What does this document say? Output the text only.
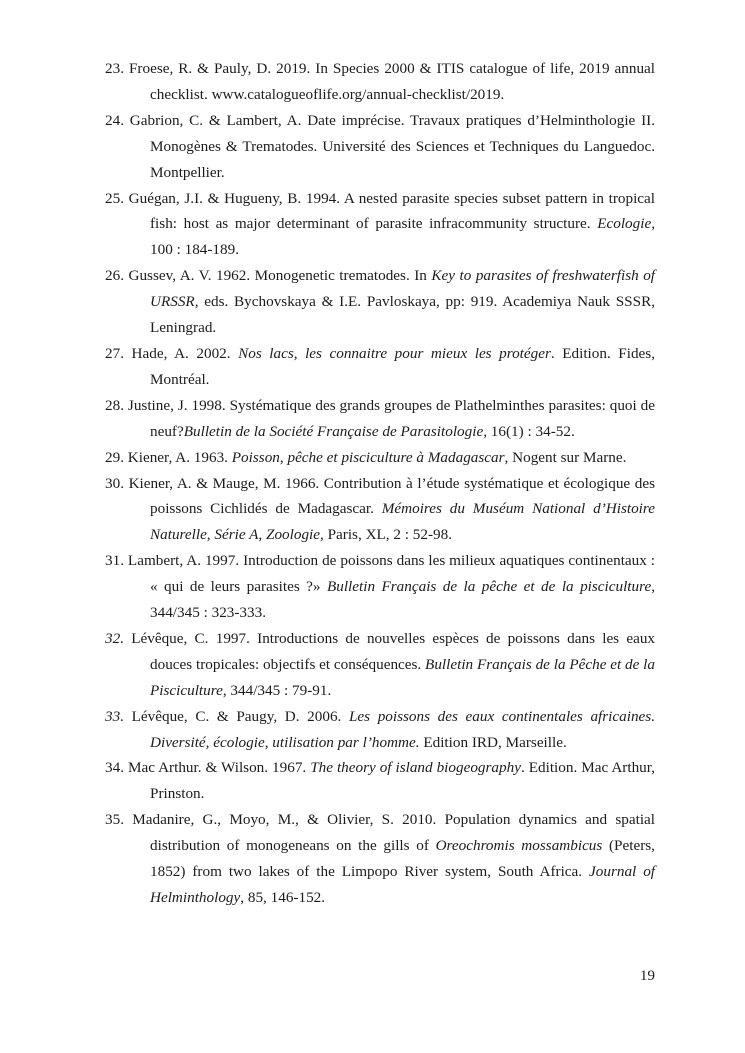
23. Froese, R. & Pauly, D. 2019. In Species 2000 & ITIS catalogue of life, 2019 annual checklist. www.catalogueoflife.org/annual-checklist/2019.
24. Gabrion, C. & Lambert, A. Date imprécise. Travaux pratiques d’Helminthologie II. Monogènes & Trematodes. Université des Sciences et Techniques du Languedoc. Montpellier.
25. Guégan, J.I. & Hugueny, B. 1994. A nested parasite species subset pattern in tropical fish: host as major determinant of parasite infracommunity structure. Ecologie, 100 : 184-189.
26. Gussev, A. V. 1962. Monogenetic trematodes. In Key to parasites of freshwaterfish of URSSR, eds. Bychovskaya & I.E. Pavloskaya, pp: 919. Academiya Nauk SSSR, Leningrad.
27. Hade, A. 2002. Nos lacs, les connaitre pour mieux les protéger. Edition. Fides, Montréal.
28. Justine, J. 1998. Systématique des grands groupes de Plathelminthes parasites: quoi de neuf?Bulletin de la Société Française de Parasitologie, 16(1) : 34-52.
29. Kiener, A. 1963. Poisson, pêche et pisciculture à Madagascar, Nogent sur Marne.
30. Kiener, A. & Mauge, M. 1966. Contribution à l’étude systématique et écologique des poissons Cichlidés de Madagascar. Mémoires du Muséum National d’Histoire Naturelle, Série A, Zoologie, Paris, XL, 2 : 52-98.
31. Lambert, A. 1997. Introduction de poissons dans les milieux aquatiques continentaux : « qui de leurs parasites ?» Bulletin Français de la pêche et de la pisciculture, 344/345 : 323-333.
32. Lévêque, C. 1997. Introductions de nouvelles espèces de poissons dans les eaux douces tropicales: objectifs et conséquences. Bulletin Français de la Pêche et de la Pisciculture, 344/345 : 79-91.
33. Lévêque, C. & Paugy, D. 2006. Les poissons des eaux continentales africaines. Diversité, écologie, utilisation par l’homme. Edition IRD, Marseille.
34. Mac Arthur. & Wilson. 1967. The theory of island biogeography. Edition. Mac Arthur, Prinston.
35. Madanire, G., Moyo, M., & Olivier, S. 2010. Population dynamics and spatial distribution of monogeneans on the gills of Oreochromis mossambicus (Peters, 1852) from two lakes of the Limpopo River system, South Africa. Journal of Helminthology, 85, 146-152.
19
